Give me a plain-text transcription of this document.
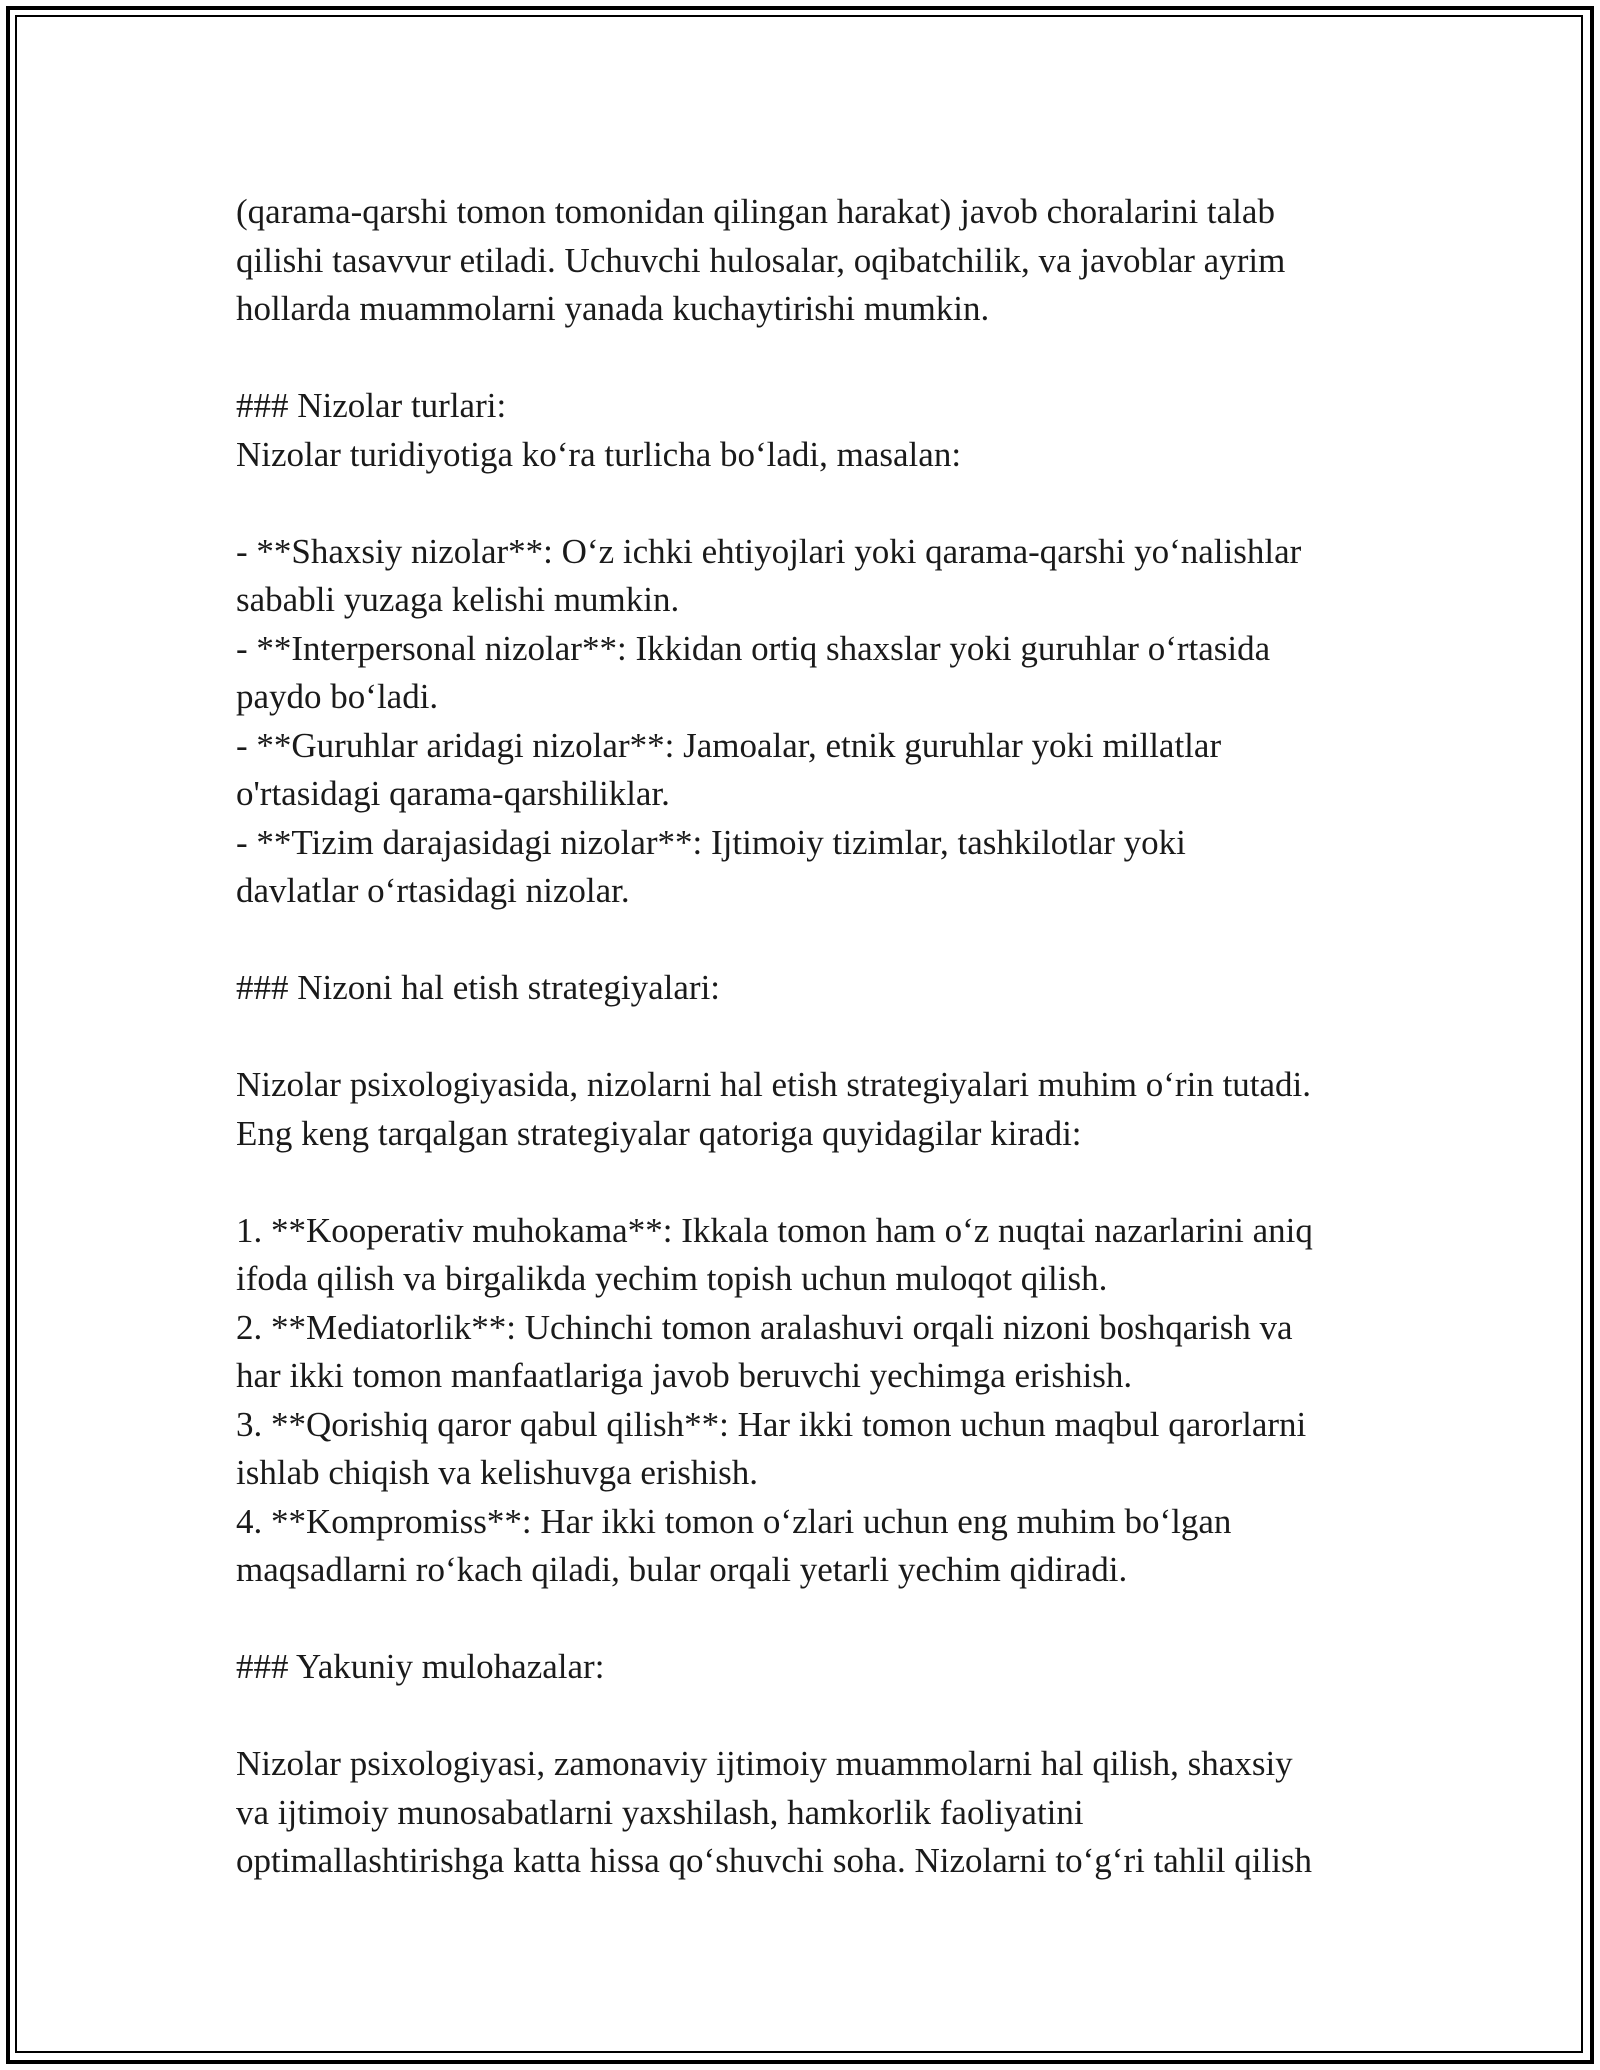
(qarama-qarshi tomon tomonidan qilingan harakat) javob choralarini talab
qilishi tasavvur etiladi. Uchuvchi hulosalar, oqibatchilik, va javoblar ayrim
hollarda muammolarni yanada kuchaytirishi mumkin.
### Nizolar turlari:
Nizolar turidiyotiga ko‘ra turlicha bo‘ladi, masalan:
- **Shaxsiy nizolar**: O‘z ichki ehtiyojlari yoki qarama-qarshi yo‘nalishlar
sababli yuzaga kelishi mumkin.
- **Interpersonal nizolar**: Ikkidan ortiq shaxslar yoki guruhlar o‘rtasida
paydo bo‘ladi.
- **Guruhlar aridagi nizolar**: Jamoalar, etnik guruhlar yoki millatlar
o'rtasidagi qarama-qarshiliklar.
- **Tizim darajasidagi nizolar**: Ijtimoiy tizimlar, tashkilotlar yoki
davlatlar o‘rtasidagi nizolar.
### Nizoni hal etish strategiyalari:
Nizolar psixologiyasida, nizolarni hal etish strategiyalari muhim o‘rin tutadi.
Eng keng tarqalgan strategiyalar qatoriga quyidagilar kiradi:
1. **Kooperativ muhokama**: Ikkala tomon ham o‘z nuqtai nazarlarini aniq
ifoda qilish va birgalikda yechim topish uchun muloqot qilish.
2. **Mediatorlik**: Uchinchi tomon aralashuvi orqali nizoni boshqarish va
har ikki tomon manfaatlariga javob beruvchi yechimga erishish.
3. **Qorishiq qaror qabul qilish**: Har ikki tomon uchun maqbul qarorlarni
ishlab chiqish va kelishuvga erishish.
4. **Kompromiss**: Har ikki tomon o‘zlari uchun eng muhim bo‘lgan
maqsadlarni ro‘kach qiladi, bular orqali yetarli yechim qidiradi.
### Yakuniy mulohazalar:
Nizolar psixologiyasi, zamonaviy ijtimoiy muammolarni hal qilish, shaxsiy
va ijtimoiy munosabatlarni yaxshilash, hamkorlik faoliyatini
optimallashtirishga katta hissa qo‘shuvchi soha. Nizolarni to‘g‘ri tahlil qilish
